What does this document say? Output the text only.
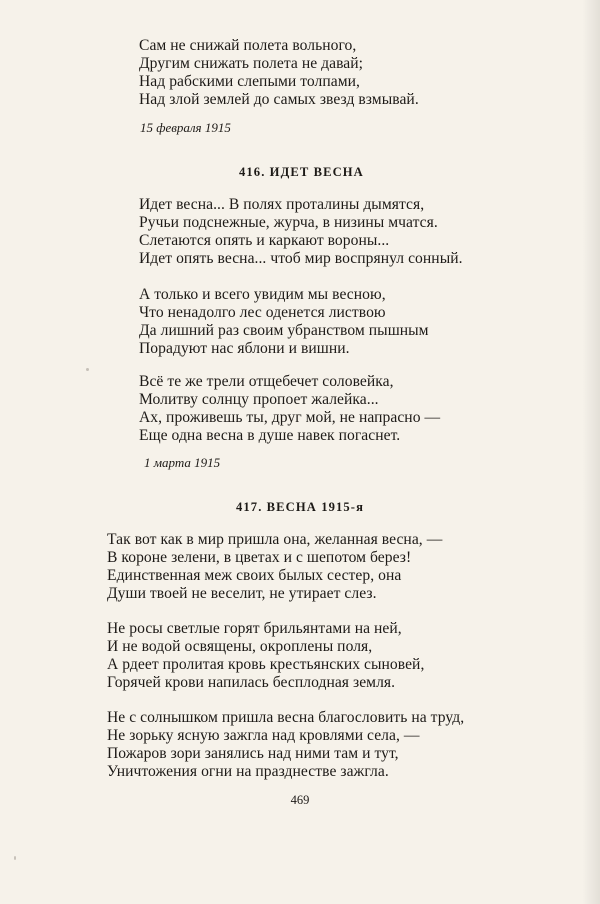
Сам не снижай полета вольного,
Другим снижать полета не давай;
Над рабскими слепыми толпами,
Над злой землей до самых звезд взмывай.
15 февраля 1915
416. ИДЕТ ВЕСНА
Идет весна... В полях проталины дымятся,
Ручьи подснежные, журча, в низины мчатся.
Слетаются опять и каркают вороны...
Идет опять весна... чтоб мир воспрянул сонный.
А только и всего увидим мы весною,
Что ненадолго лес оденется листвою
Да лишний раз своим убранством пышным
Порадуют нас яблони и вишни.
Всё те же трели отщебечет соловейка,
Молитву солнцу пропоет жалейка...
Ах, проживешь ты, друг мой, не напрасно —
Еще одна весна в душе навек погаснет.
1 марта 1915
417. ВЕСНА 1915-я
Так вот как в мир пришла она, желанная весна, —
В короне зелени, в цветах и с шепотом берез!
Единственная меж своих былых сестер, она
Души твоей не веселит, не утирает слез.
Не росы светлые горят брильянтами на ней,
И не водой освящены, окроплены поля,
А рдеет пролитая кровь крестьянских сыновей,
Горячей крови напилась бесплодная земля.
Не с солнышком пришла весна благословить на труд,
Не зорьку ясную зажгла над кровлями села, —
Пожаров зори занялись над ними там и тут,
Уничтожения огни на празднестве зажгла.
469
